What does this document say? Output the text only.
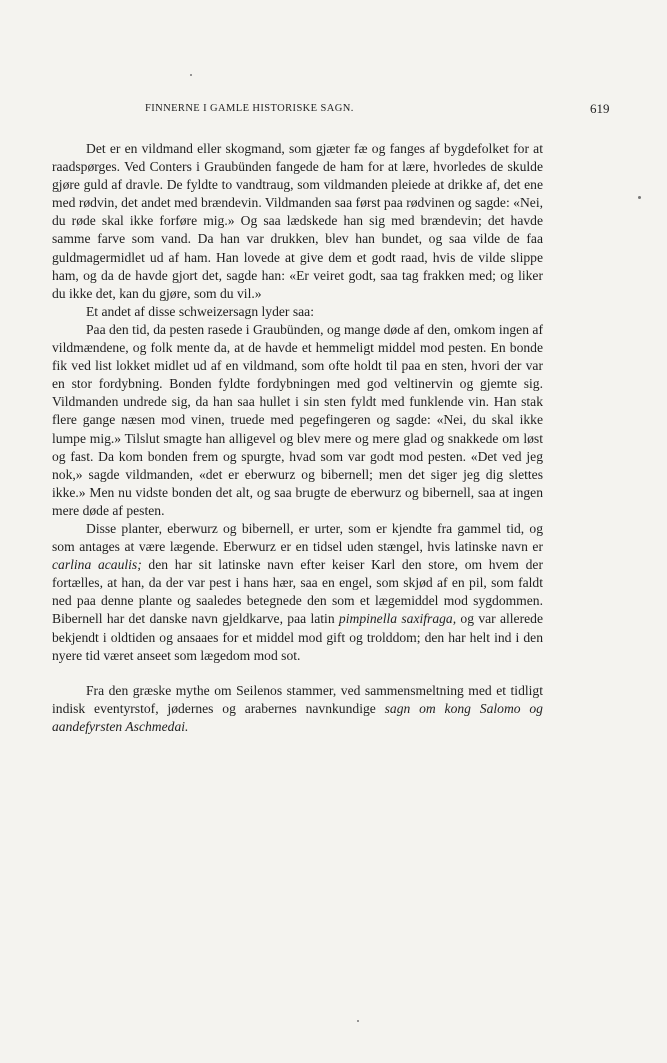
FINNERNE I GAMLE HISTORISKE SAGN.	619

Det er en vildmand eller skogmand, som gjæter fæ og fanges af bygdefolket for at raadspørges. Ved Conters i Graubünden fangede de ham for at lære, hvorledes de skulde gjøre guld af dravle. De fyldte to vandtraug, som vildmanden pleiede at drikke af, det ene med rødvin, det andet med brændevin. Vildmanden saa først paa rødvinen og sagde: «Nei, du røde skal ikke forføre mig.» Og saa lædskede han sig med brændevin; det havde samme farve som vand. Da han var drukken, blev han bundet, og saa vilde de faa guldmagermidlet ud af ham. Han lovede at give dem et godt raad, hvis de vilde slippe ham, og da de havde gjort det, sagde han: «Er veiret godt, saa tag frakken med; og liker du ikke det, kan du gjøre, som du vil.»

Et andet af disse schweizersagn lyder saa:

Paa den tid, da pesten rasede i Graubünden, og mange døde af den, omkom ingen af vildmændene, og folk mente da, at de havde et hemmeligt middel mod pesten. En bonde fik ved list lokket midlet ud af en vildmand, som ofte holdt til paa en sten, hvori der var en stor fordybning. Bonden fyldte fordybningen med god veltinervin og gjemte sig. Vildmanden undrede sig, da han saa hullet i sin sten fyldt med funklende vin. Han stak flere gange næsen mod vinen, truede med pegefingeren og sagde: «Nei, du skal ikke lumpe mig.» Tilslut smagte han alligevel og blev mere og mere glad og snakkede om løst og fast. Da kom bonden frem og spurgte, hvad som var godt mod pesten. «Det ved jeg nok,» sagde vildmanden, «det er eberwurz og bibernell; men det siger jeg dig slettes ikke.» Men nu vidste bonden det alt, og saa brugte de eberwurz og bibernell, saa at ingen mere døde af pesten.

Disse planter, eberwurz og bibernell, er urter, som er kjendte fra gammel tid, og som antages at være lægende. Eberwurz er en tidsel uden stængel, hvis latinske navn er carlina acaulis; den har sit latinske navn efter keiser Karl den store, om hvem der fortælles, at han, da der var pest i hans hær, saa en engel, som skjød af en pil, som faldt ned paa denne plante og saaledes betegnede den som et lægemiddel mod sygdommen. Bibernell har det danske navn gjeldkarve, paa latin pimpinella saxifraga, og var allerede bekjendt i oldtiden og ansaaes for et middel mod gift og trolddom; den har helt ind i den nyere tid været anseet som lægedom mod sot.

Fra den græske mythe om Seilenos stammer, ved sammensmeltning med et tidligt indisk eventyrstof, jødernes og arabernes navnkundige sagn om kong Salomo og aandefyrsten Aschmedai.
